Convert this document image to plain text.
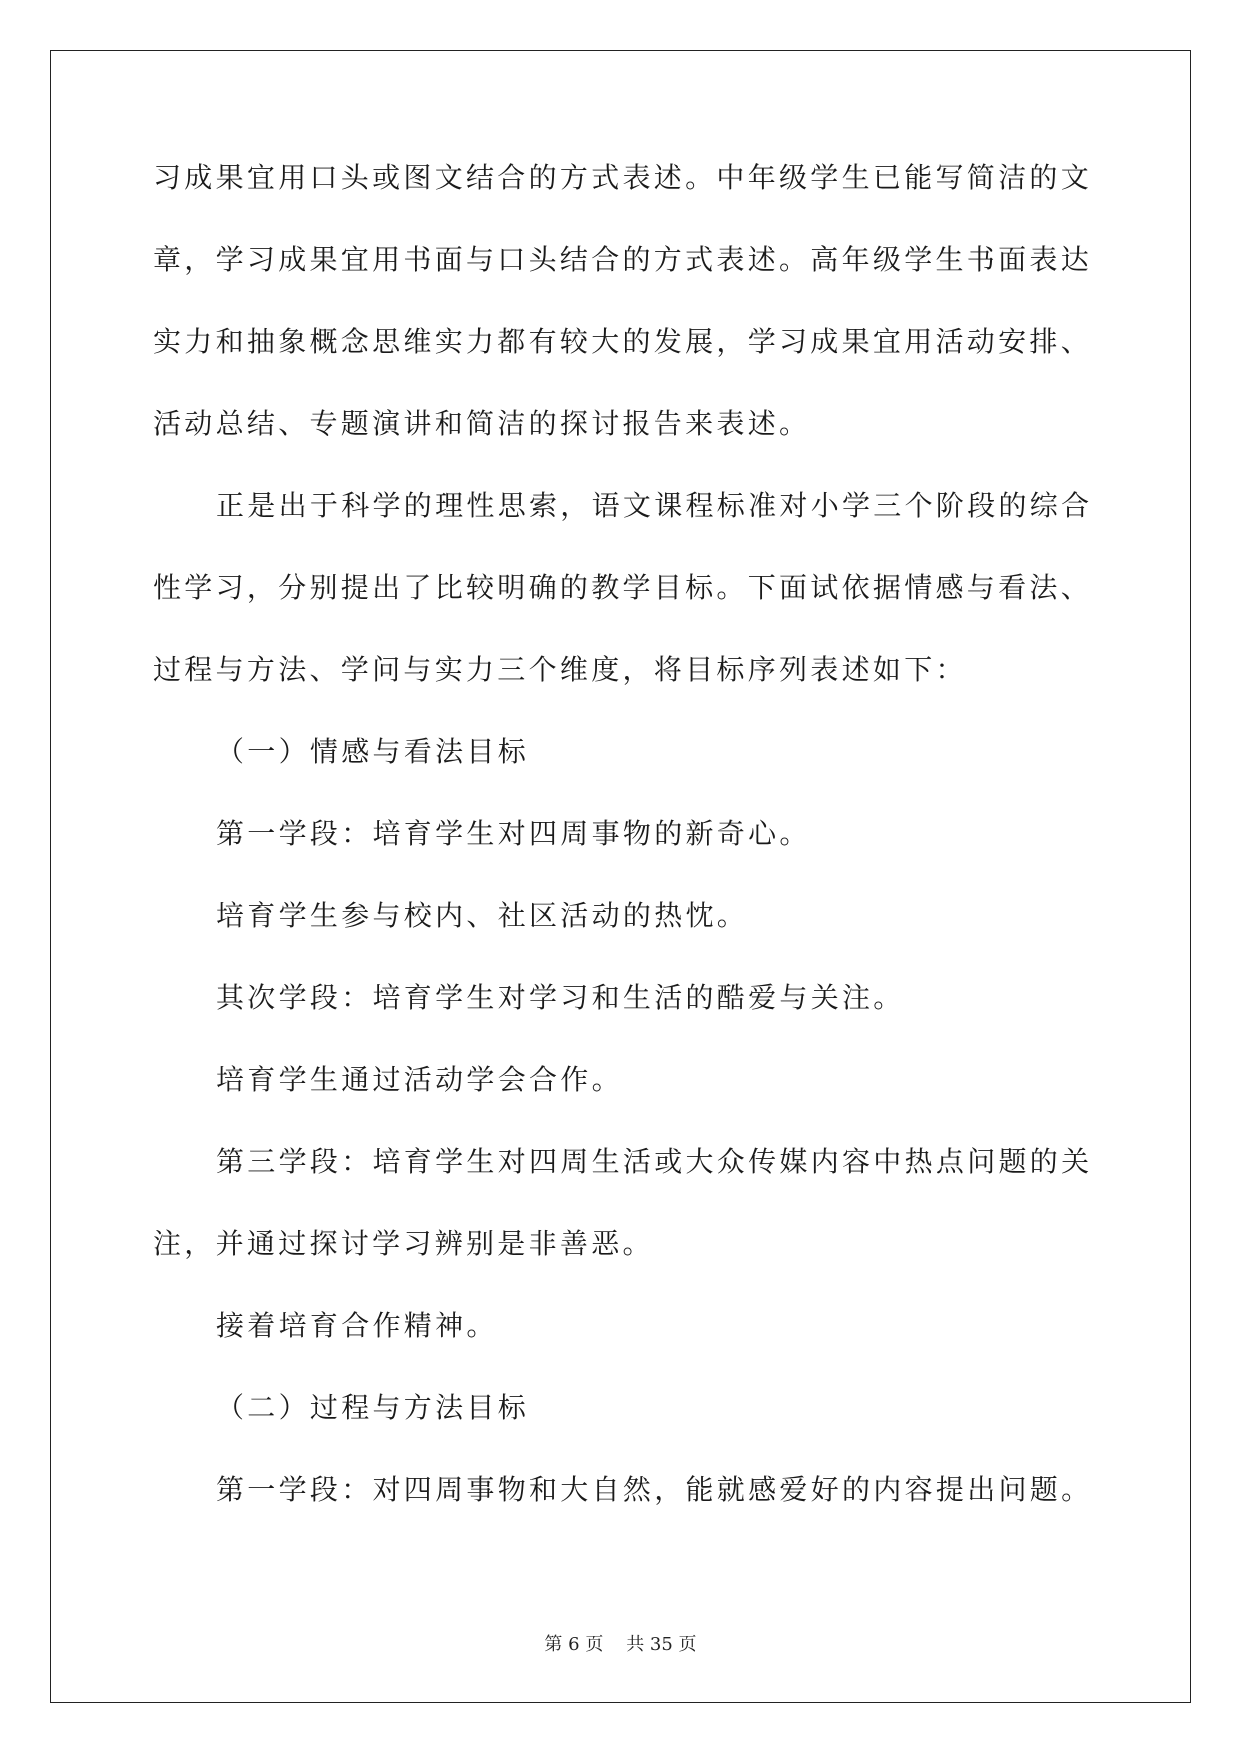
习成果宜用口头或图文结合的方式表述。中年级学生已能写简洁的文
章，学习成果宜用书面与口头结合的方式表述。高年级学生书面表达
实力和抽象概念思维实力都有较大的发展，学习成果宜用活动安排、
活动总结、专题演讲和简洁的探讨报告来表述。
正是出于科学的理性思索，语文课程标准对小学三个阶段的综合
性学习，分别提出了比较明确的教学目标。下面试依据情感与看法、
过程与方法、学问与实力三个维度，将目标序列表述如下：
（一）情感与看法目标
第一学段：培育学生对四周事物的新奇心。
培育学生参与校内、社区活动的热忱。
其次学段：培育学生对学习和生活的酷爱与关注。
培育学生通过活动学会合作。
第三学段：培育学生对四周生活或大众传媒内容中热点问题的关
注，并通过探讨学习辨别是非善恶。
接着培育合作精神。
（二）过程与方法目标
第一学段：对四周事物和大自然，能就感爱好的内容提出问题。
第 6 页    共 35 页
